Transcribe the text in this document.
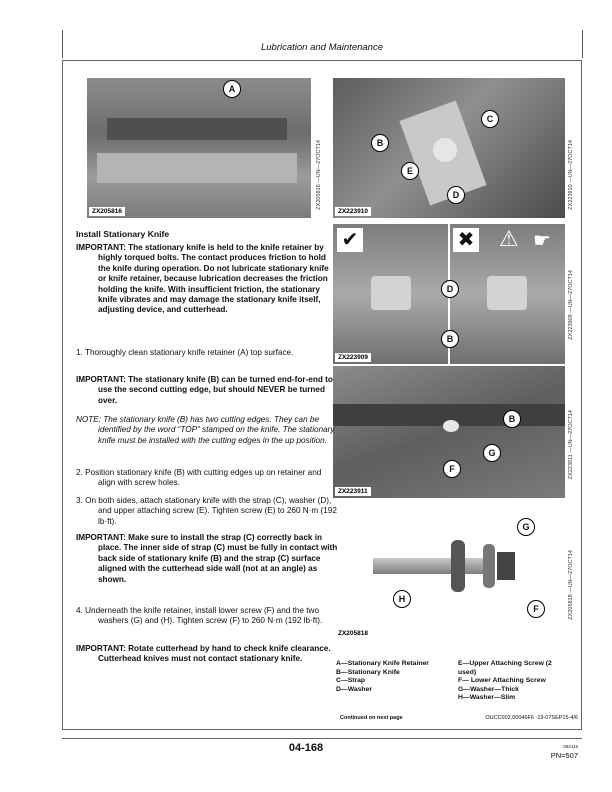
Lubrication and Maintenance
A
ZX205816
ZX205816 —UN—27OCT14	B
C
E
D
ZX223910
ZX223910 —UN—27OCT14
✔	✖ ⚠ ☛
D
B
ZX223909
ZX223909 —UN—27OCT14
B
G
F
ZX223911
ZX223911 —UN—27OCT14
G
H
F
ZX205818
ZX205818 —UN—27OCT14
Install Stationary Knife
IMPORTANT: The stationary knife is held to the knife retainer by highly torqued bolts. The contact produces friction to hold the knife during operation. Do not lubricate stationary knife or knife retainer, because lubrication decreases the friction holding the knife. With insufficient friction, the stationary knife vibrates and may damage the stationary knife itself, adjusting device, and cutterhead.
1. Thoroughly clean stationary knife retainer (A) top surface.
IMPORTANT: The stationary knife (B) can be turned end-for-end to use the second cutting edge, but should NEVER be turned over.
NOTE: The stationary knife (B) has two cutting edges. They can be identified by the word “TOP” stamped on the knife. The stationary knife must be installed with the cutting edges in the up position.
2. Position stationary knife (B) with cutting edges up on retainer and align with screw holes.
3. On both sides, attach stationary knife with the strap (C), washer (D), and upper attaching screw (E). Tighten screw (E) to 260 N·m (192 lb·ft).
IMPORTANT: Make sure to install the strap (C) correctly back in place. The inner side of strap (C) must be fully in contact with back side of stationary knife (B) and the strap (C) surface aligned with the cutterhead side wall (not at an angle) as shown.
4. Underneath the knife retainer, install lower screw (F) and the two washers (G) and (H). Tighten screw (F) to 260 N·m (192 lb·ft).
IMPORTANT: Rotate cutterhead by hand to check knife clearance. Cutterhead knives must not contact stationary knife.
A—Stationary Knife Retainer
B—Stationary Knife
C—Strap
D—Washer
E—Upper Attaching Screw (2 used)
F— Lower Attaching Screw
G—Washer—Thick
H—Washer—Slim
Continued on next page	OUCC002,00046F6 -19-07SEP15-4/6
04-168	062115
PN=507
